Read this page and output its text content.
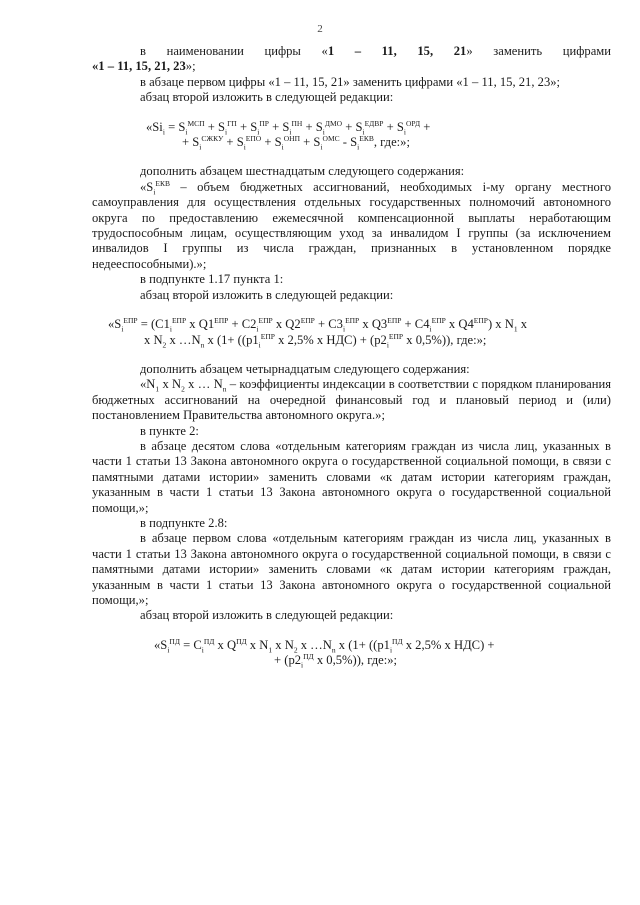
2

в наименовании цифры «1 – 11, 15, 21» заменить цифрами

«1 – 11, 15, 21, 23»;

в абзаце первом цифры «1 – 11, 15, 21» заменить цифрами «1 – 11, 15, 21, 23»;

абзац второй изложить в следующей редакции:

«$Si_i = S_i^{МСП} + S_i^{ГП} + S_i^{ПР} + S_i^{ПН} + S_i^{ДМО} + S_i^{ЕДВР} + S_i^{ОРД}$ +
+ $S_i^{СЖКУ} + S_i^{ЕПО} + S_i^{ОНП} + S_i^{ОМС} - S_i^{ЕКВ}$, где:»;

дополнить абзацем шестнадцатым следующего содержания:

«$S_i^{ЕКВ}$ – объем бюджетных ассигнований, необходимых i-му органу местного самоуправления для осуществления отдельных государственных полномочий автономного округа по предоставлению ежемесячной компенсационной выплаты неработающим трудоспособным лицам, осуществляющим уход за инвалидом I группы (за исключением инвалидов I группы из числа граждан, признанных в установленном порядке недееспособными).»;

в подпункте 1.17 пункта 1:

абзац второй изложить в следующей редакции:

«$S_i^{ЕПР} = (C1_i^{ЕПР}$ x $Q1^{ЕПР} + C2_i^{ЕПР}$ x $Q2^{ЕПР} + C3_i^{ЕПР}$ x $Q3^{ЕПР} + C4_i^{ЕПР}$ x $Q4^{ЕПР}$) x $N_1$ x
x $N_2$ x $\dots N_n$ x ($1+ ((p1_i^{ЕПР}$ x 2,5% x $НДС) + (p2_i^{ЕПР}$ x 0,5%)), где:»;

дополнить абзацем четырнадцатым следующего содержания:

«$N_1$ x $N_2$ x … $N_n$ – коэффициенты индексации в соответствии с порядком планирования бюджетных ассигнований на очередной финансовый год и плановый период и (или) постановлением Правительства автономного округа.»;

в пункте 2:

в абзаце десятом слова «отдельным категориям граждан из числа лиц, указанных в части 1 статьи 13 Закона автономного округа о государственной социальной помощи, в связи с памятными датами истории» заменить словами «к датам истории категориям граждан, указанным в части 1 статьи 13 Закона автономного округа о государственной социальной помощи,»;

в подпункте 2.8:

в абзаце первом слова «отдельным категориям граждан из числа лиц, указанных в части 1 статьи 13 Закона автономного округа о государственной социальной помощи, в связи с памятными датами истории» заменить словами «к датам истории категориям граждан, указанным в части 1 статьи 13 Закона автономного округа о государственной социальной помощи,»;

абзац второй изложить в следующей редакции:

«$S_i^{ПД} = C_i^{ПД}$ x $Q^{ПД}$ x $N_1$ x $N_2$ x $\dots N_n$ x ($1+ ((p1_i^{ПД}$ x 2,5% x НДС) +
+ ($p2_i^{ПД}$ x 0,5%)), где:»;
